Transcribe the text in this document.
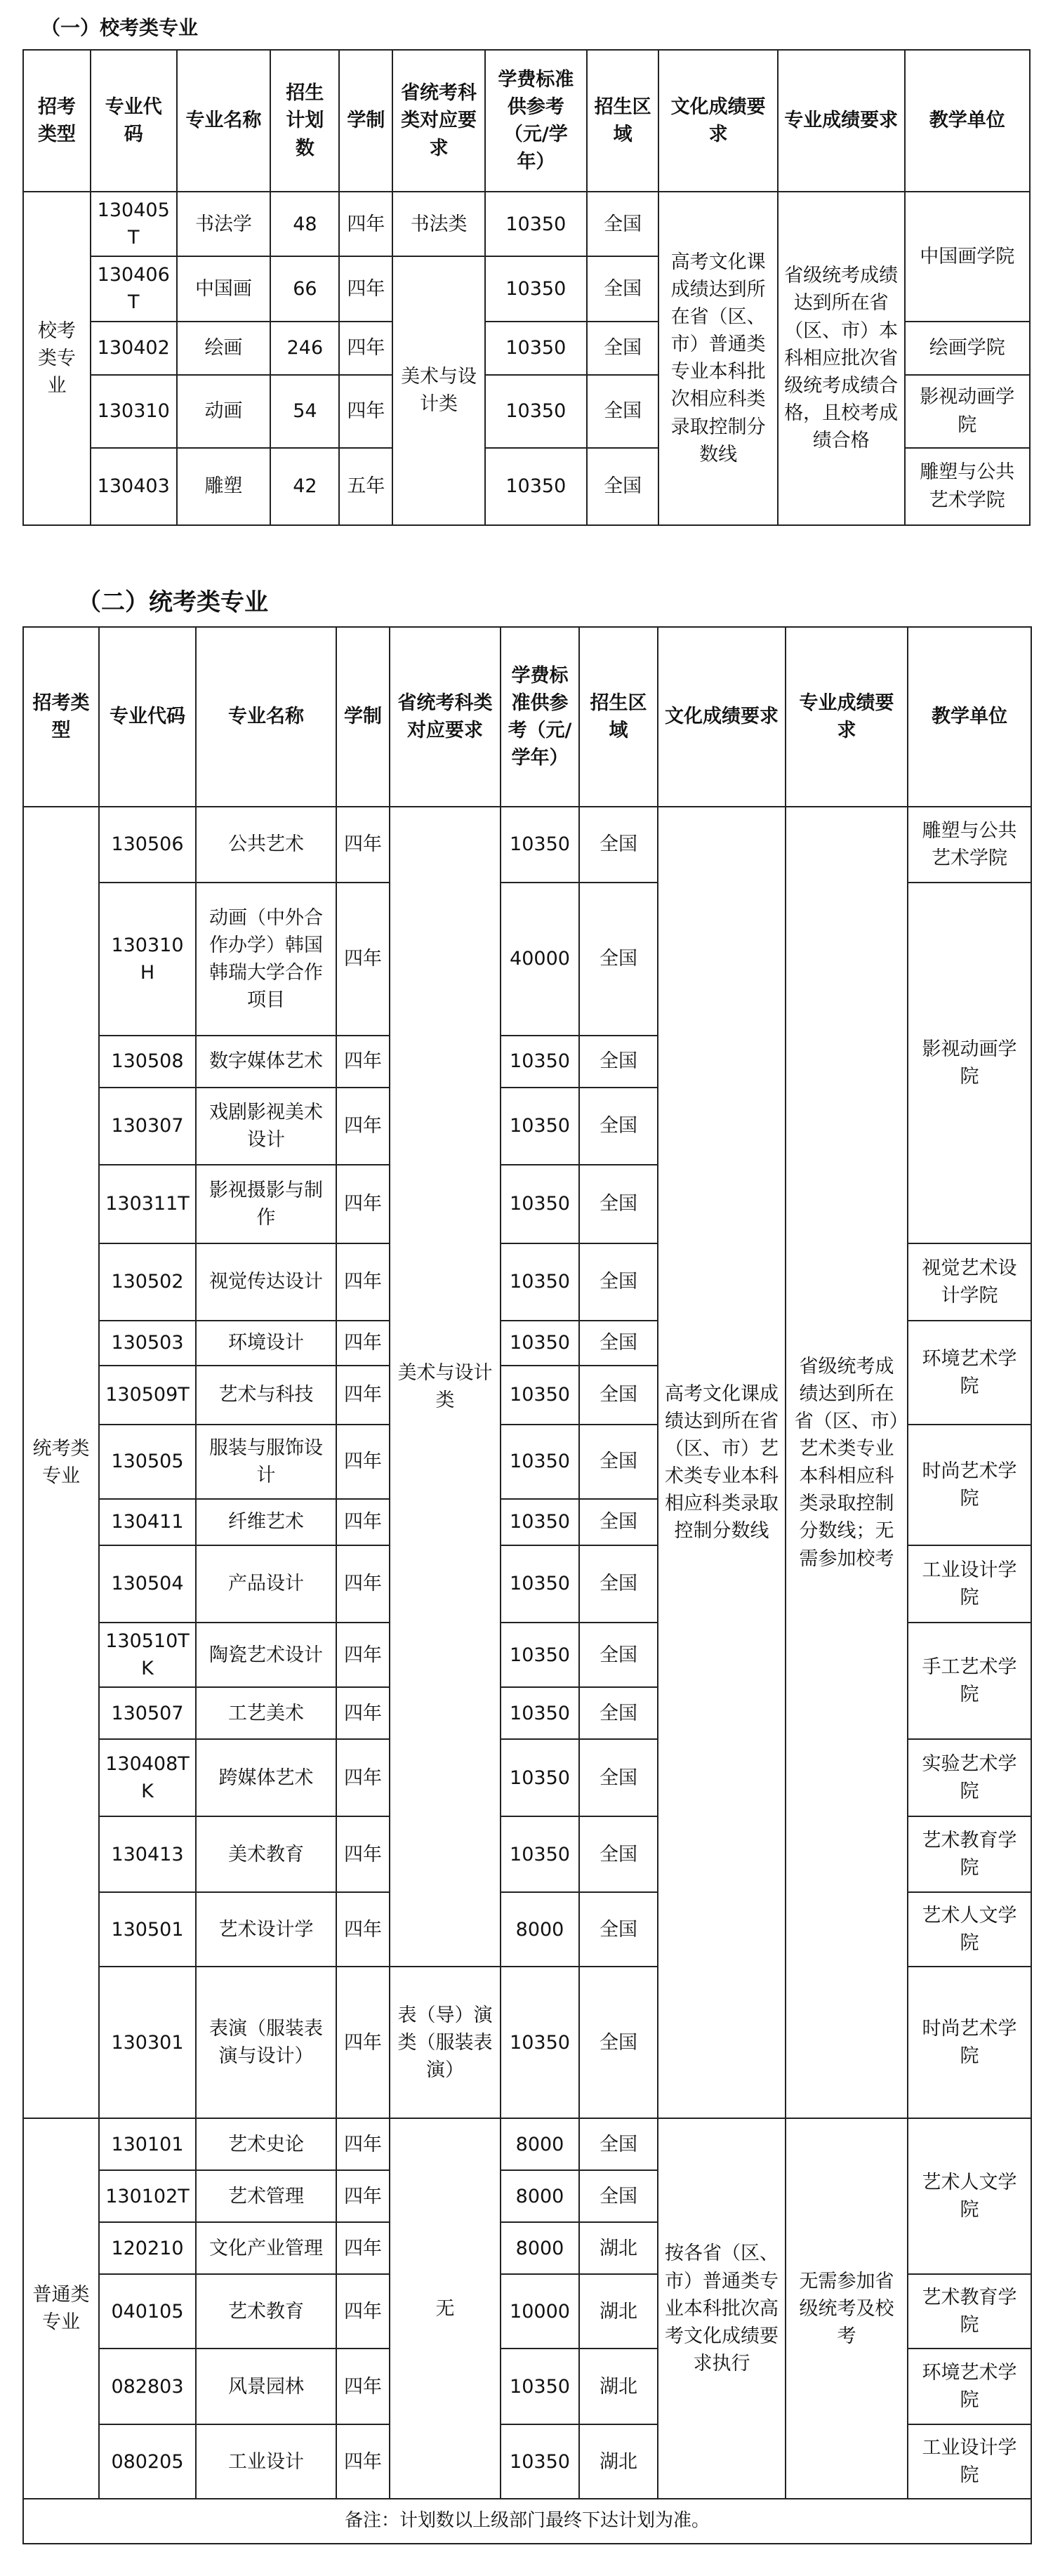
（一）校考类专业
招考类型	专业代码	专业名称	招生计划数	学制	省统考科类对应要求	学费标准供参考（元/学年）	招生区域	文化成绩要求	专业成绩要求	教学单位
校考类专业	130405T	书法学	48	四年	书法类	10350	全国	高考文化课成绩达到所在省（区、市）普通类专业本科批次相应科类录取控制分数线	省级统考成绩达到所在省（区、市）本科相应批次省级统考成绩合格，且校考成绩合格	中国画学院
	130406T	中国画	66	四年	美术与设计类	10350	全国			
	130402	绘画	246	四年		10350	全国			绘画学院
	130310	动画	54	四年		10350	全国			影视动画学院
	130403	雕塑	42	五年		10350	全国			雕塑与公共艺术学院
（二）统考类专业
招考类型	专业代码	专业名称	学制	省统考科类对应要求	学费标准供参考（元/学年）	招生区域	文化成绩要求	专业成绩要求	教学单位
统考类专业	130506	公共艺术	四年	美术与设计类	10350	全国	高考文化课成绩达到所在省（区、市）艺术类专业本科相应科类录取控制分数线	省级统考成绩达到所在省（区、市）艺术类专业本科相应科类录取控制分数线；无需参加校考	雕塑与公共艺术学院
	130310H	动画（中外合作办学）韩国韩瑞大学合作项目	四年		40000	全国			影视动画学院
	130508	数字媒体艺术	四年		10350	全国			
	130307	戏剧影视美术设计	四年		10350	全国			
	130311T	影视摄影与制作	四年		10350	全国			
	130502	视觉传达设计	四年		10350	全国			视觉艺术设计学院
	130503	环境设计	四年		10350	全国			环境艺术学院
	130509T	艺术与科技	四年		10350	全国			
	130505	服装与服饰设计	四年		10350	全国			时尚艺术学院
	130411	纤维艺术	四年		10350	全国			
	130504	产品设计	四年		10350	全国			工业设计学院
	130510TK	陶瓷艺术设计	四年		10350	全国			手工艺术学院
	130507	工艺美术	四年		10350	全国			
	130408TK	跨媒体艺术	四年		10350	全国			实验艺术学院
	130413	美术教育	四年		10350	全国			艺术教育学院
	130501	艺术设计学	四年		8000	全国			艺术人文学院
	130301	表演（服装表演与设计）	四年	表（导）演类（服装表演）	10350	全国			时尚艺术学院
普通类专业	130101	艺术史论	四年	无	8000	全国	按各省（区、市）普通类专业本科批次高考文化成绩要求执行	无需参加省级统考及校考	艺术人文学院
	130102T	艺术管理	四年		8000	全国			
	120210	文化产业管理	四年		8000	湖北			
	040105	艺术教育	四年		10000	湖北			艺术教育学院
	082803	风景园林	四年		10350	湖北			环境艺术学院
	080205	工业设计	四年		10350	湖北			工业设计学院
备注：计划数以上级部门最终下达计划为准。									
